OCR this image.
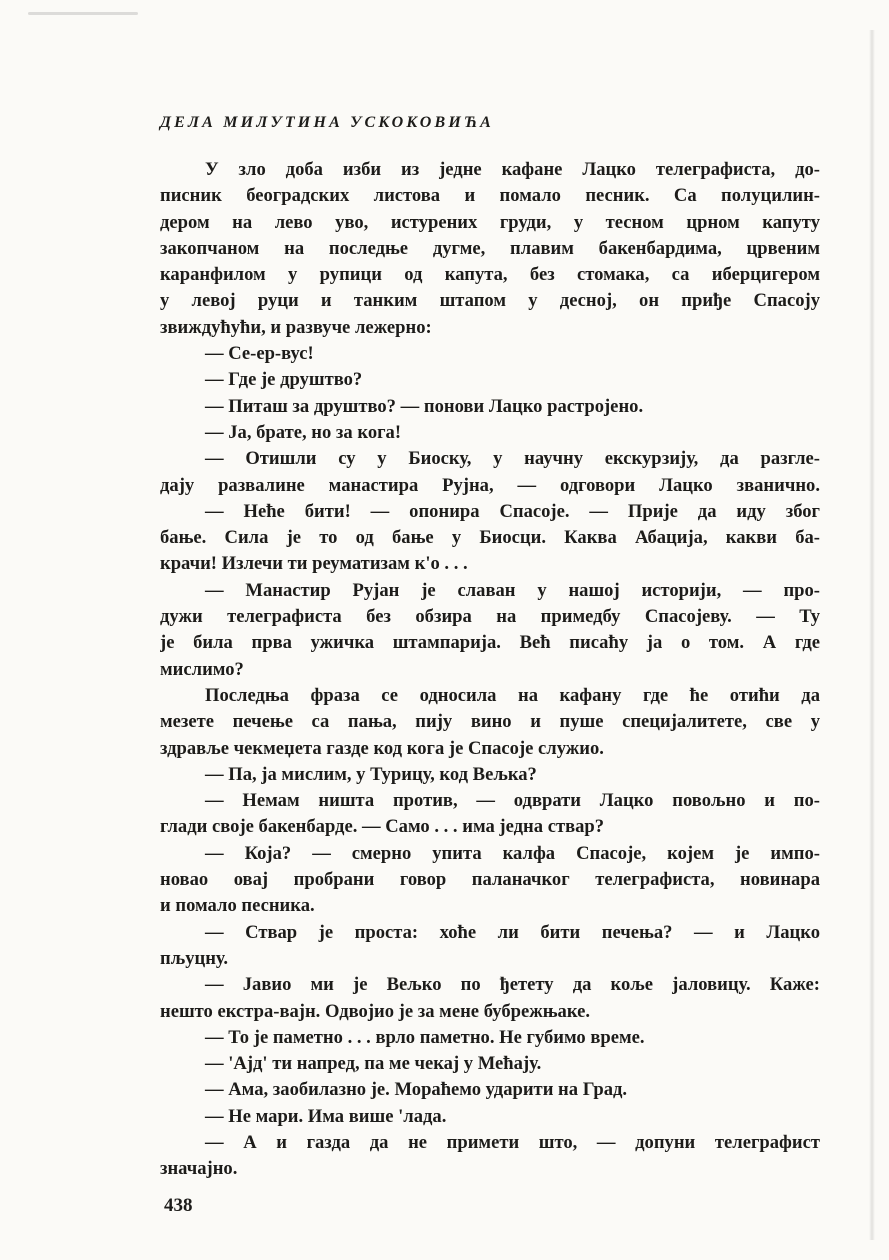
ДЕЛА МИЛУТИНА УСКОКОВИЋА
У зло доба изби из једне кафане Лацко телеграфиста, до-
писник београдских листова и помало песник. Са полуцилин-
дером на лево уво, истурених груди, у тесном црном капуту
закопчаном на последње дугме, плавим бакенбардима, црвеним
каранфилом у рупици од капута, без стомака, са иберцигером
у левој руци и танким штапом у десној, он приђе Спасоју
звиждућући, и развуче лежерно:
— Се-ер-вус!
— Где је друштво?
— Питаш за друштво? — понови Лацко растројено.
— Ја, брате, но за кога!
— Отишли су у Биоску, у научну екскурзију, да разгле-
дају развалине манастира Рујна, — одговори Лацко званично.
— Неће бити! — опонира Спасоје. — Прије да иду због
бање. Сила је то од бање у Биосци. Каква Абација, какви ба-
крачи! Излечи ти реуматизам к'о . . .
— Манастир Рујан је славан у нашој историји, — про-
дужи телеграфиста без обзира на примедбу Спасојеву. — Ту
је била прва ужичка штампарија. Већ писаћу ја о том. А где
мислимо?
Последња фраза се односила на кафану где ће отићи да
мезете печење са пања, пију вино и пуше специјалитете, све у
здравље чекмеџета газде код кога је Спасоје служио.
— Па, ја мислим, у Турицу, код Вељка?
— Немам ништа против, — одврати Лацко повољно и по-
глади своје бакенбарде. — Само . . . има једна ствар?
— Која? — смерно упита калфа Спасоје, којем је импо-
новао овај пробрани говор паланачког телеграфиста, новинара
и помало песника.
— Ствар је проста: хоће ли бити печења? — и Лацко
пљуцну.
— Јавио ми је Вељко по ђетету да коље јаловицу. Каже:
нешто екстра-вајн. Одвојио је за мене бубрежњаке.
— То је паметно . . . врло паметно. Не губимо време.
— 'Ајд' ти напред, па ме чекај у Мећају.
— Ама, заобилазно је. Мораћемо ударити на Град.
— Не мари. Има више 'лада.
— А и газда да не примети што, — допуни телеграфист
значајно.
438
